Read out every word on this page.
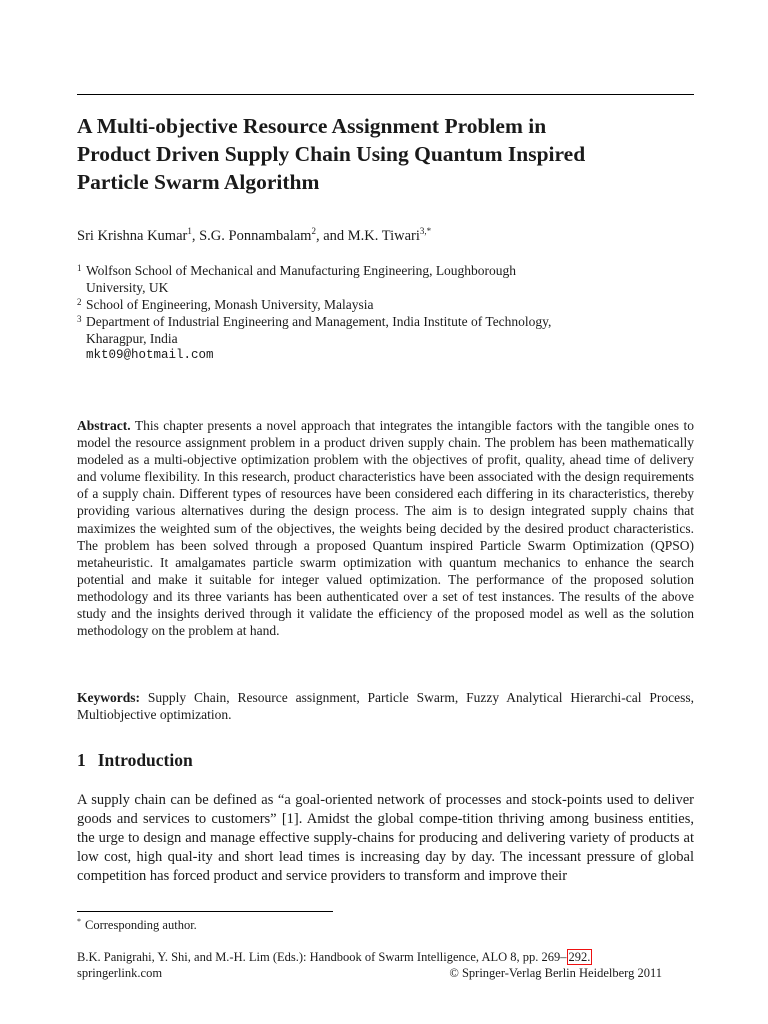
A Multi-objective Resource Assignment Problem in
Product Driven Supply Chain Using Quantum Inspired
Particle Swarm Algorithm
Sri Krishna Kumar$^1$, S.G. Ponnambalam$^2$, and M.K. Tiwari$^{3,*}$
1 Wolfson School of Mechanical and Manufacturing Engineering, Loughborough
University, UK
2 School of Engineering, Monash University, Malaysia
3 Department of Industrial Engineering and Management, India Institute of Technology,
Kharagpur, India
mkt09@hotmail.com

Abstract. This chapter presents a novel approach that integrates the intangible factors with the tangible ones to model the resource assignment problem in a product driven supply chain. The problem has been mathematically modeled as a multi-objective optimization problem with the objectives of profit, quality, ahead time of delivery and volume flexibility. In this research, product characteristics have been associated with the design requirements of a supply chain. Different types of resources have been considered each differing in its characteristics, thereby providing various alternatives during the design process. The aim is to design integrated supply chains that maximizes the weighted sum of the objectives, the weights being decided by the desired product characteristics. The problem has been solved through a proposed Quantum inspired Particle Swarm Optimization (QPSO) metaheuristic. It amalgamates particle swarm optimization with quantum mechanics to enhance the search potential and make it suitable for integer valued optimization. The performance of the proposed solution methodology and its three variants has been authenticated over a set of test instances. The results of the above study and the insights derived through it validate the efficiency of the proposed model as well as the solution methodology on the problem at hand.

Keywords: Supply Chain, Resource assignment, Particle Swarm, Fuzzy Analytical Hierarchi-cal Process, Multiobjective optimization.

1 Introduction

A supply chain can be defined as “a goal-oriented network of processes and stock-points used to deliver goods and services to customers” [1]. Amidst the global compe-tition thriving among business entities, the urge to design and manage effective supply-chains for producing and delivering variety of products at low cost, high qual-ity and short lead times is increasing day by day. The incessant pressure of global competition has forced product and service providers to transform and improve their

* Corresponding author.
B.K. Panigrahi, Y. Shi, and M.-H. Lim (Eds.): Handbook of Swarm Intelligence, ALO 8, pp. 269– 292.
springerlink.com	© Springer-Verlag Berlin Heidelberg 2011
